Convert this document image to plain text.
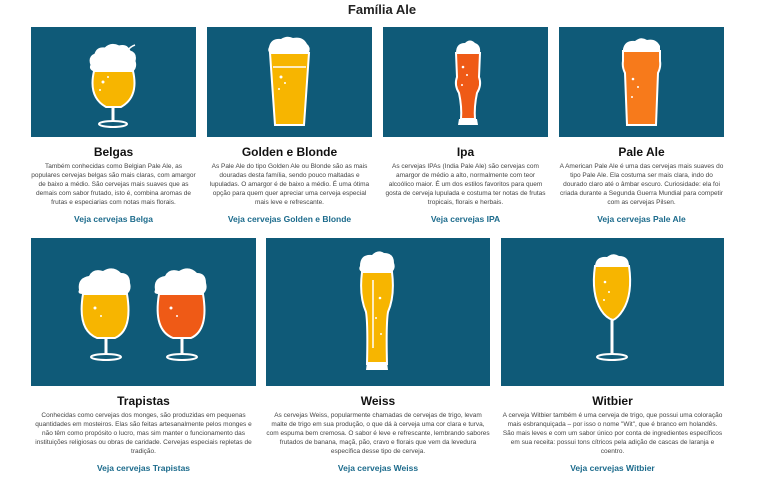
Família Ale
Belgas
Também conhecidas como Belgian Pale Ale, as populares cervejas belgas são mais claras, com amargor de baixo a médio. São cervejas mais suaves que as demais com sabor frutado, isto é, combina aromas de frutas e especiarias com notas mais florais.
Veja cervejas Belga
Golden e Blonde
As Pale Ale do tipo Golden Ale ou Blonde são as mais douradas desta família, sendo pouco maltadas e lupuladas. O amargor é de baixo a médio. É uma ótima opção para quem quer apreciar uma cerveja especial mais leve e refrescante.
Veja cervejas Golden e Blonde
Ipa
As cervejas IPAs (India Pale Ale) são cervejas com amargor de médio a alto, normalmente com teor alcoólico maior. É um dos estilos favoritos para quem gosta de cerveja lupulada e costuma ter notas de frutas tropicais, florais e herbais.
Veja cervejas IPA
Pale Ale
A American Pale Ale é uma das cervejas mais suaves do tipo Pale Ale. Ela costuma ser mais clara, indo do dourado claro até o âmbar escuro. Curiosidade: ela foi criada durante a Segunda Guerra Mundial para competir com as cervejas Pilsen.
Veja cervejas Pale Ale
Trapistas
Conhecidas como cervejas dos monges, são produzidas em pequenas quantidades em mosteiros. Elas são feitas artesanalmente pelos monges e não têm como propósito o lucro, mas sim manter o funcionamento das instituições religiosas ou obras de caridade. Cervejas especiais repletas de tradição.
Veja cervejas Trapistas
Weiss
As cervejas Weiss, popularmente chamadas de cervejas de trigo, levam malte de trigo em sua produção, o que dá à cerveja uma cor clara e turva, com espuma bem cremosa. O sabor é leve e refrescante, lembrando sabores frutados de banana, maçã, pão, cravo e florais que vem da levedura específica desse tipo de cerveja.
Veja cervejas Weiss
Witbier
A cerveja Witbier também é uma cerveja de trigo, que possui uma coloração mais esbranquiçada – por isso o nome "Wit", que é branco em holandês. São mais leves e com um sabor único por conta de ingredientes específicos em sua receita: possui tons cítricos pela adição de cascas de laranja e coentro.
Veja cervejas Witbier
